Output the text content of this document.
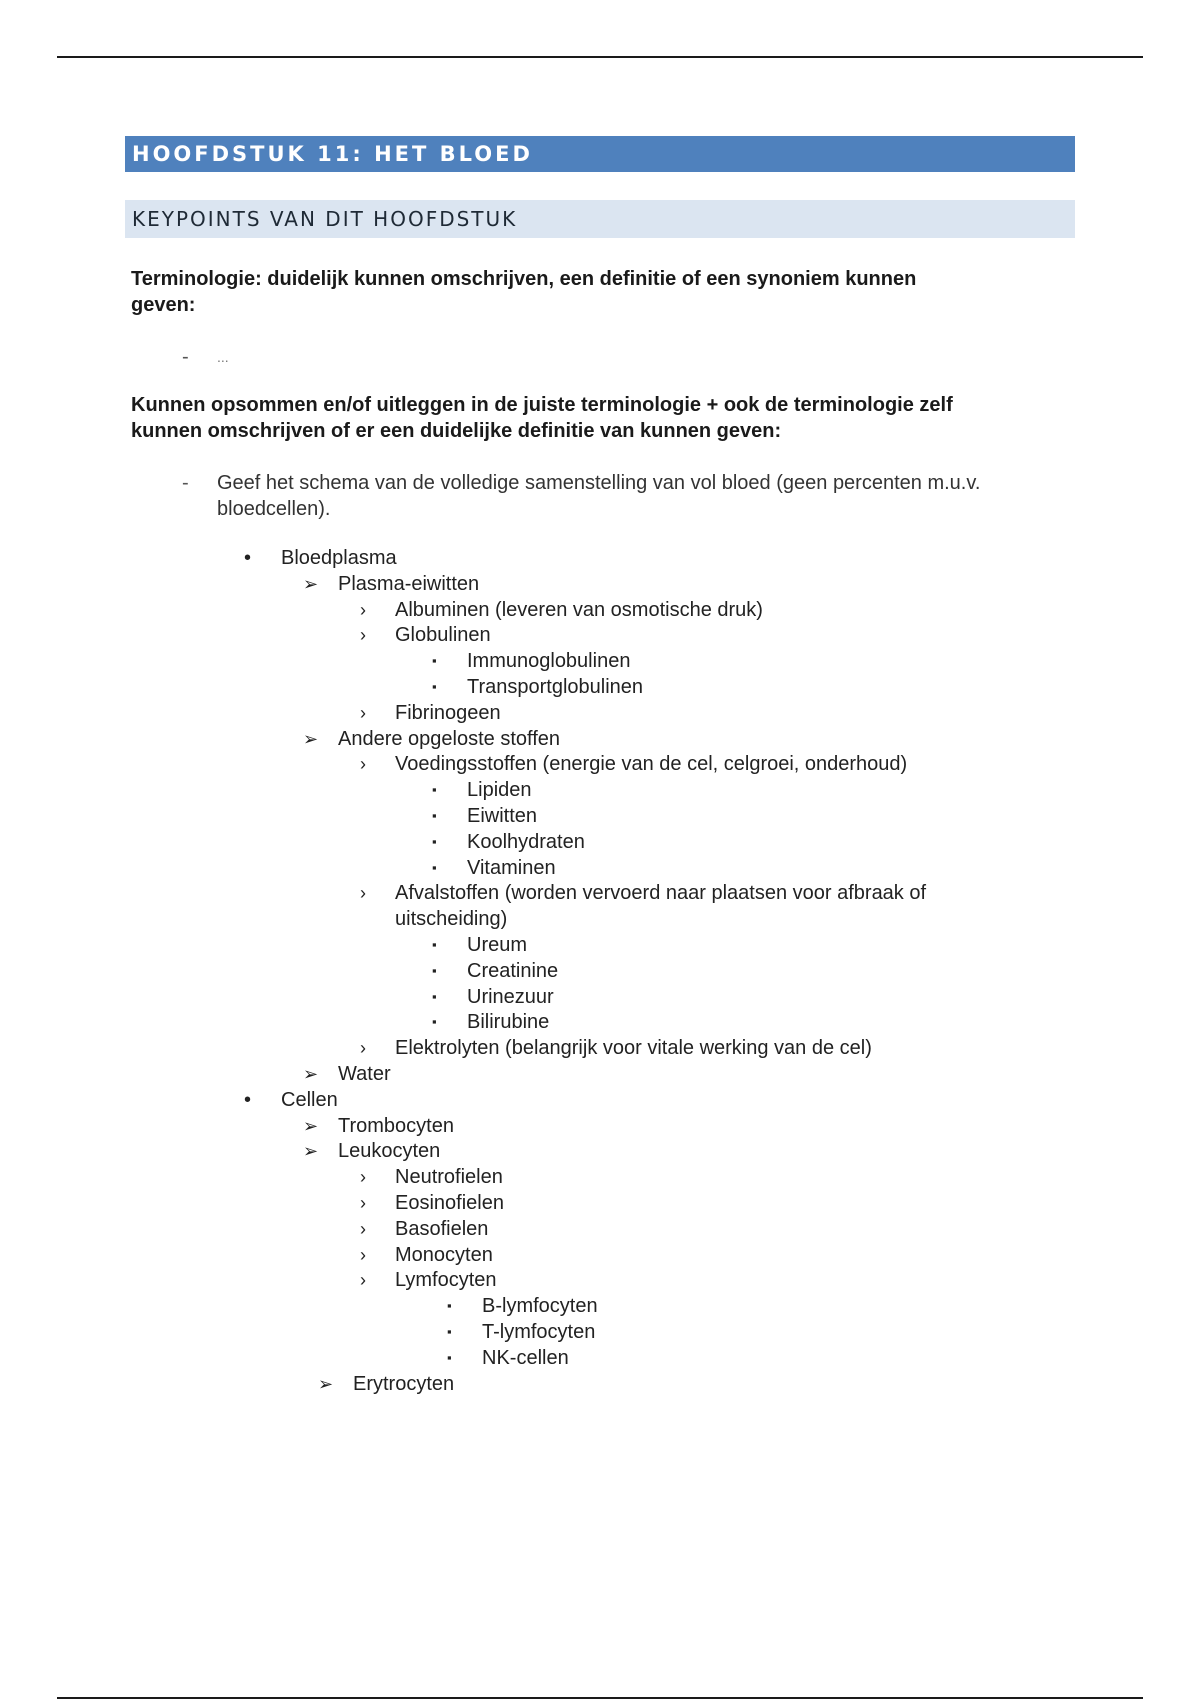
HOOFDSTUK 11: HET BLOED
KEYPOINTS VAN DIT HOOFDSTUK
Terminologie: duidelijk kunnen omschrijven, een definitie of een synoniem kunnen
geven:
- ...
Kunnen opsommen en/of uitleggen in de juiste terminologie + ook de terminologie zelf
kunnen omschrijven of er een duidelijke definitie van kunnen geven:
- Geef het schema van de volledige samenstelling van vol bloed (geen percenten m.u.v.
bloedcellen).
• Bloedplasma
➢ Plasma-eiwitten
› Albuminen (leveren van osmotische druk)
› Globulinen
▪ Immunoglobulinen
▪ Transportglobulinen
› Fibrinogeen
➢ Andere opgeloste stoffen
› Voedingsstoffen (energie van de cel, celgroei, onderhoud)
▪ Lipiden
▪ Eiwitten
▪ Koolhydraten
▪ Vitaminen
› Afvalstoffen (worden vervoerd naar plaatsen voor afbraak of
uitscheiding)
▪ Ureum
▪ Creatinine
▪ Urinezuur
▪ Bilirubine
› Elektrolyten (belangrijk voor vitale werking van de cel)
➢ Water
• Cellen
➢ Trombocyten
➢ Leukocyten
› Neutrofielen
› Eosinofielen
› Basofielen
› Monocyten
› Lymfocyten
▪ B-lymfocyten
▪ T-lymfocyten
▪ NK-cellen
➢ Erytrocyten
